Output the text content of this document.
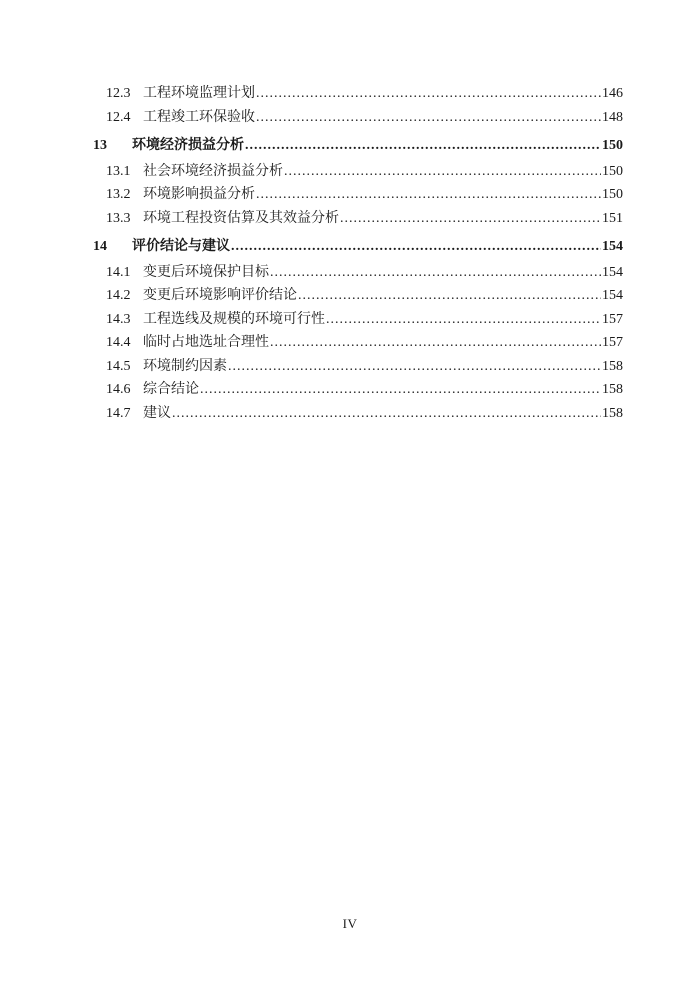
12.3 工程环境监理计划 .....	146
12.4 工程竣工环保验收 .....	148
13	环境经济损益分析 .....	150
13.1 社会环境经济损益分析 .....	150
13.2 环境影响损益分析 .....	150
13.3 环境工程投资估算及其效益分析 .....	151
14	评价结论与建议 .....	154
14.1 变更后环境保护目标 .....	154
14.2 变更后环境影响评价结论 .....	154
14.3 工程选线及规模的环境可行性 .....	157
14.4 临时占地选址合理性 .....	157
14.5 环境制约因素 .....	158
14.6 综合结论 .....	158
14.7 建议 .....	158
IV
